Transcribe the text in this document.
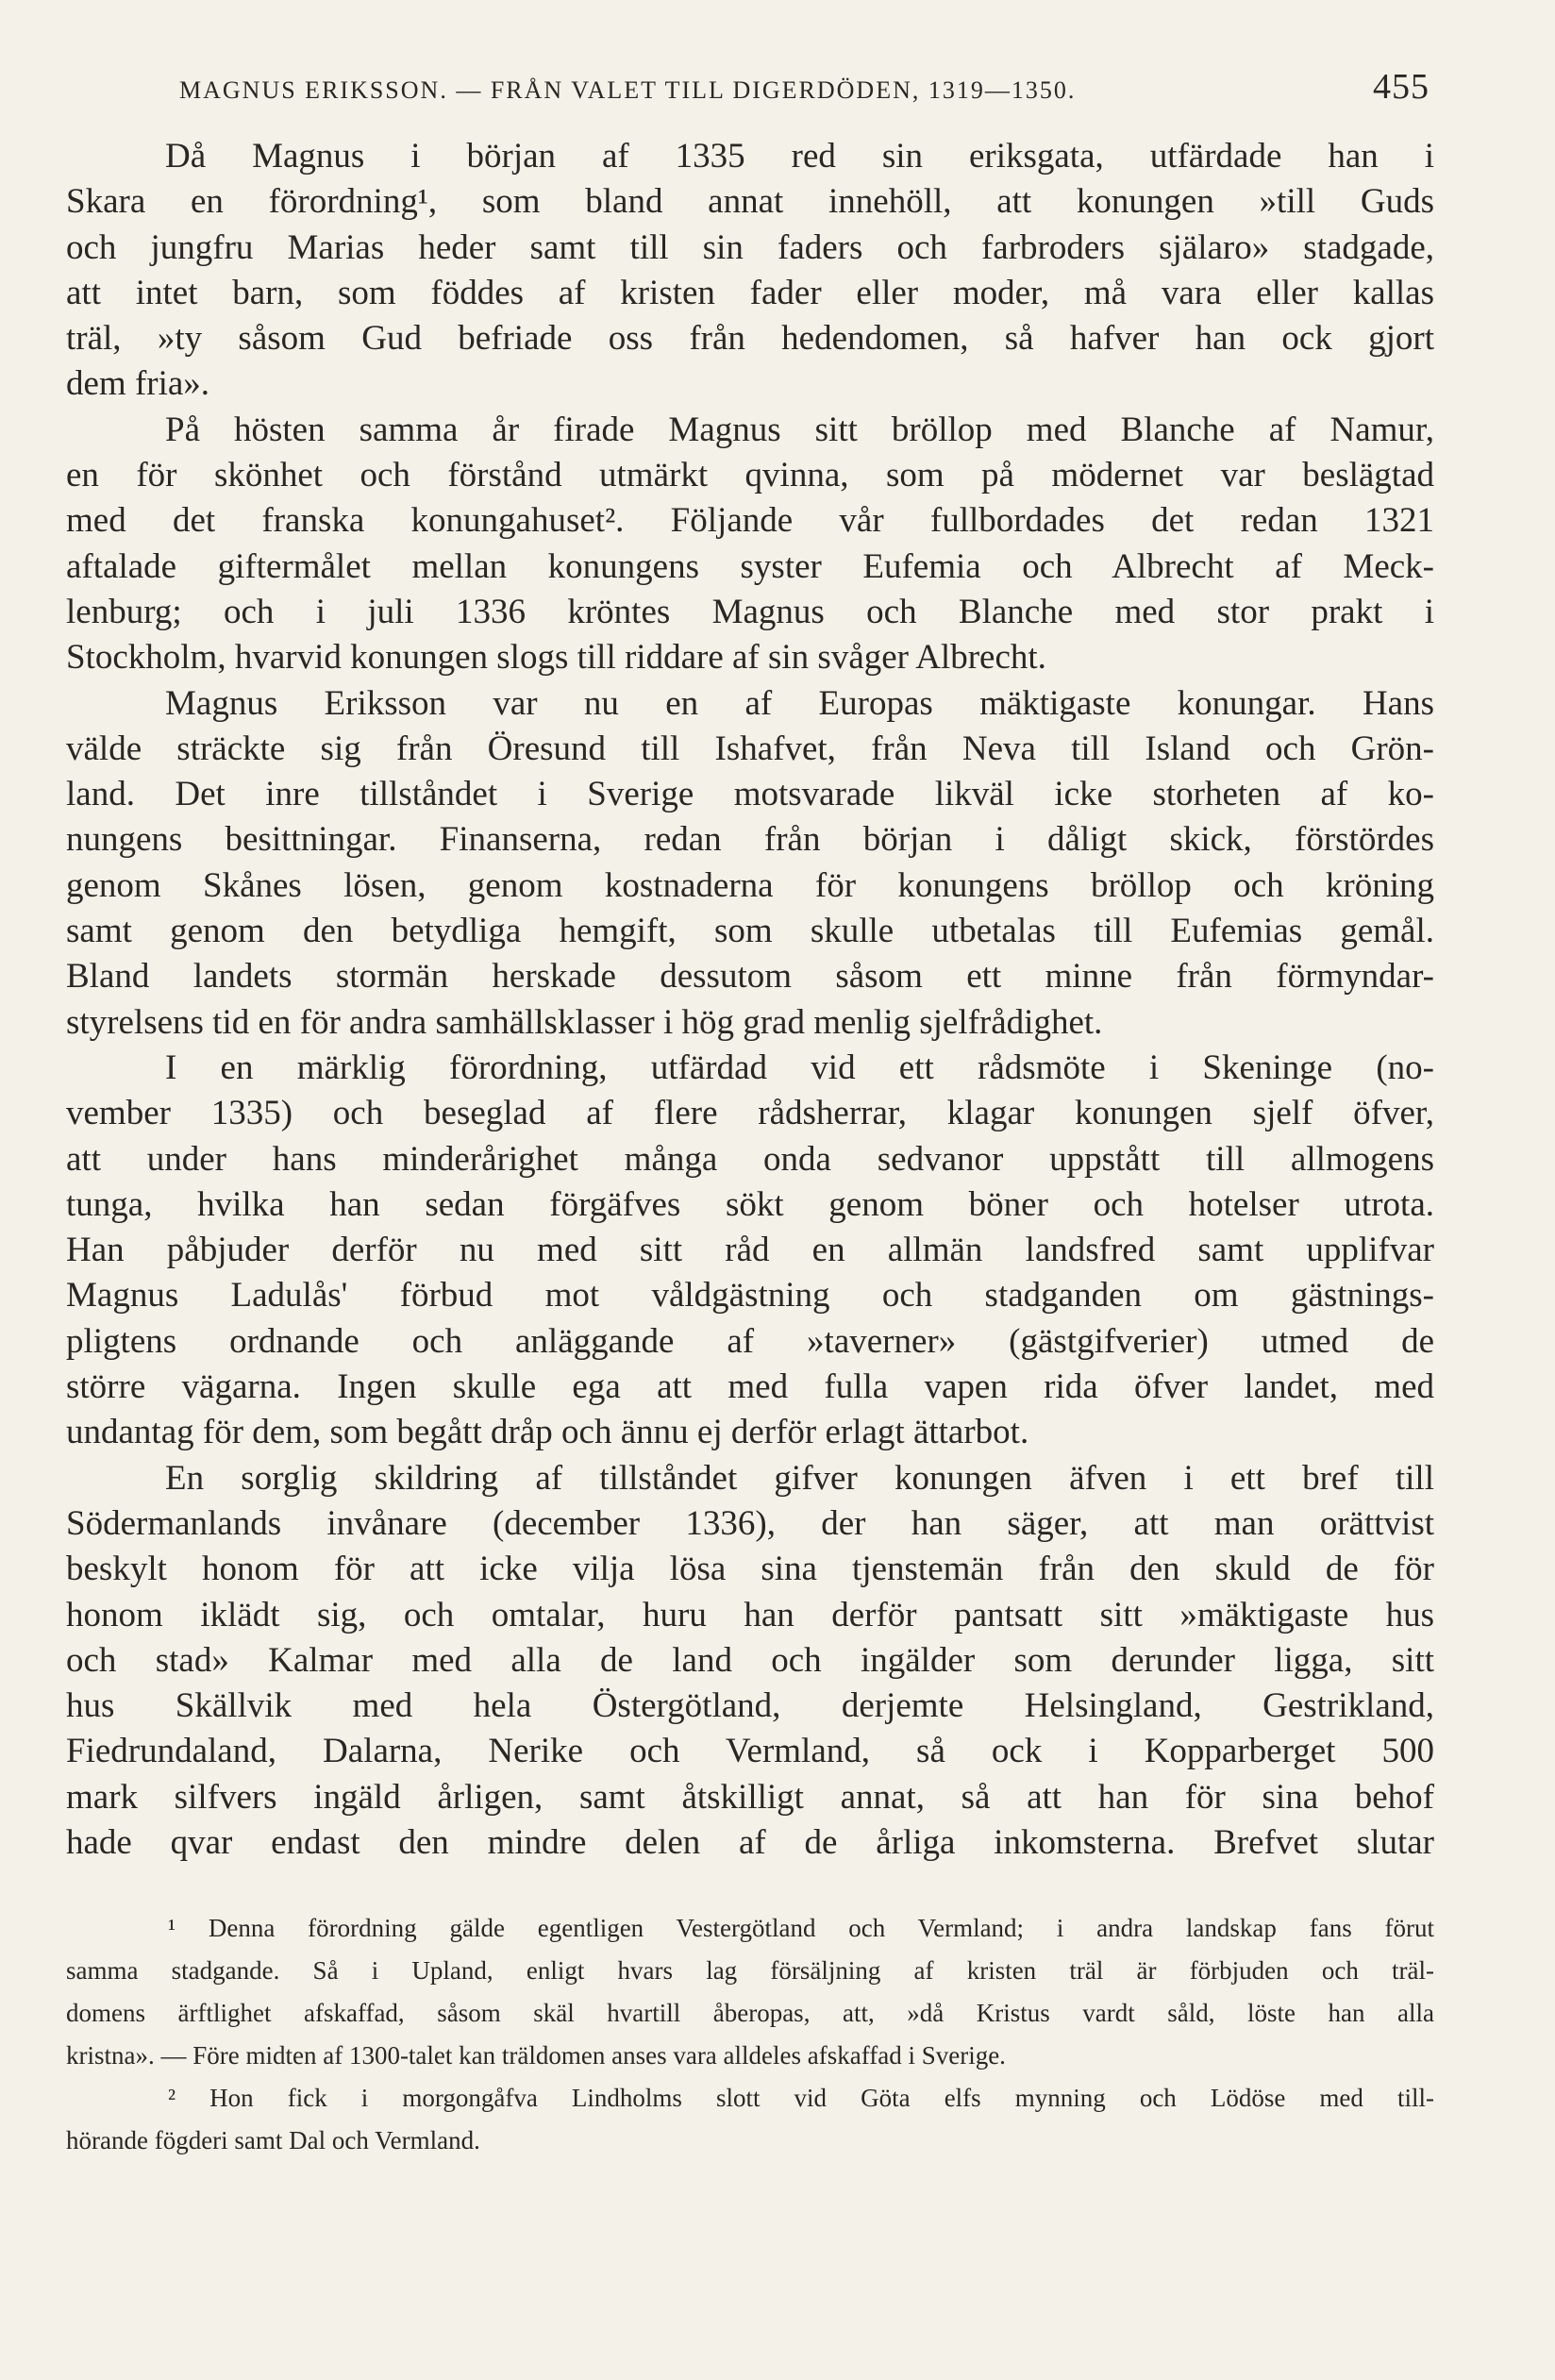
MAGNUS ERIKSSON. — FRÅN VALET TILL DIGERDÖDEN, 1319—1350.	455
Då Magnus i början af 1335 red sin eriksgata, utfärdade han i
Skara en förordning¹, som bland annat innehöll, att konungen »till Guds
och jungfru Marias heder samt till sin faders och farbroders själaro» stadgade,
att intet barn, som föddes af kristen fader eller moder, må vara eller kallas
träl, »ty såsom Gud befriade oss från hedendomen, så hafver han ock gjort
dem fria».
På hösten samma år firade Magnus sitt bröllop med Blanche af Namur,
en för skönhet och förstånd utmärkt qvinna, som på mödernet var beslägtad
med det franska konungahuset². Följande vår fullbordades det redan 1321
aftalade giftermålet mellan konungens syster Eufemia och Albrecht af Meck-
lenburg; och i juli 1336 kröntes Magnus och Blanche med stor prakt i
Stockholm, hvarvid konungen slogs till riddare af sin svåger Albrecht.
Magnus Eriksson var nu en af Europas mäktigaste konungar. Hans
välde sträckte sig från Öresund till Ishafvet, från Neva till Island och Grön-
land. Det inre tillståndet i Sverige motsvarade likväl icke storheten af ko-
nungens besittningar. Finanserna, redan från början i dåligt skick, förstördes
genom Skånes lösen, genom kostnaderna för konungens bröllop och kröning
samt genom den betydliga hemgift, som skulle utbetalas till Eufemias gemål.
Bland landets stormän herskade dessutom såsom ett minne från förmyndar-
styrelsens tid en för andra samhällsklasser i hög grad menlig sjelfrådighet.
I en märklig förordning, utfärdad vid ett rådsmöte i Skeninge (no-
vember 1335) och beseglad af flere rådsherrar, klagar konungen sjelf öfver,
att under hans minderårighet många onda sedvanor uppstått till allmogens
tunga, hvilka han sedan förgäfves sökt genom böner och hotelser utrota.
Han påbjuder derför nu med sitt råd en allmän landsfred samt upplifvar
Magnus Ladulås' förbud mot våldgästning och stadganden om gästnings-
pligtens ordnande och anläggande af »taverner» (gästgifverier) utmed de
större vägarna. Ingen skulle ega att med fulla vapen rida öfver landet, med
undantag för dem, som begått dråp och ännu ej derför erlagt ättarbot.
En sorglig skildring af tillståndet gifver konungen äfven i ett bref till
Södermanlands invånare (december 1336), der han säger, att man orättvist
beskylt honom för att icke vilja lösa sina tjenstemän från den skuld de för
honom iklädt sig, och omtalar, huru han derför pantsatt sitt »mäktigaste hus
och stad» Kalmar med alla de land och ingälder som derunder ligga, sitt
hus Skällvik med hela Östergötland, derjemte Helsingland, Gestrikland,
Fiedrundaland, Dalarna, Nerike och Vermland, så ock i Kopparberget 500
mark silfvers ingäld årligen, samt åtskilligt annat, så att han för sina behof
hade qvar endast den mindre delen af de årliga inkomsterna. Brefvet slutar
¹ Denna förordning gälde egentligen Vestergötland och Vermland; i andra landskap fans förut
samma stadgande. Så i Upland, enligt hvars lag försäljning af kristen träl är förbjuden och träl-
domens ärftlighet afskaffad, såsom skäl hvartill åberopas, att, »då Kristus vardt såld, löste han alla
kristna». — Före midten af 1300-talet kan träldomen anses vara alldeles afskaffad i Sverige.
² Hon fick i morgongåfva Lindholms slott vid Göta elfs mynning och Lödöse med till-
hörande fögderi samt Dal och Vermland.
